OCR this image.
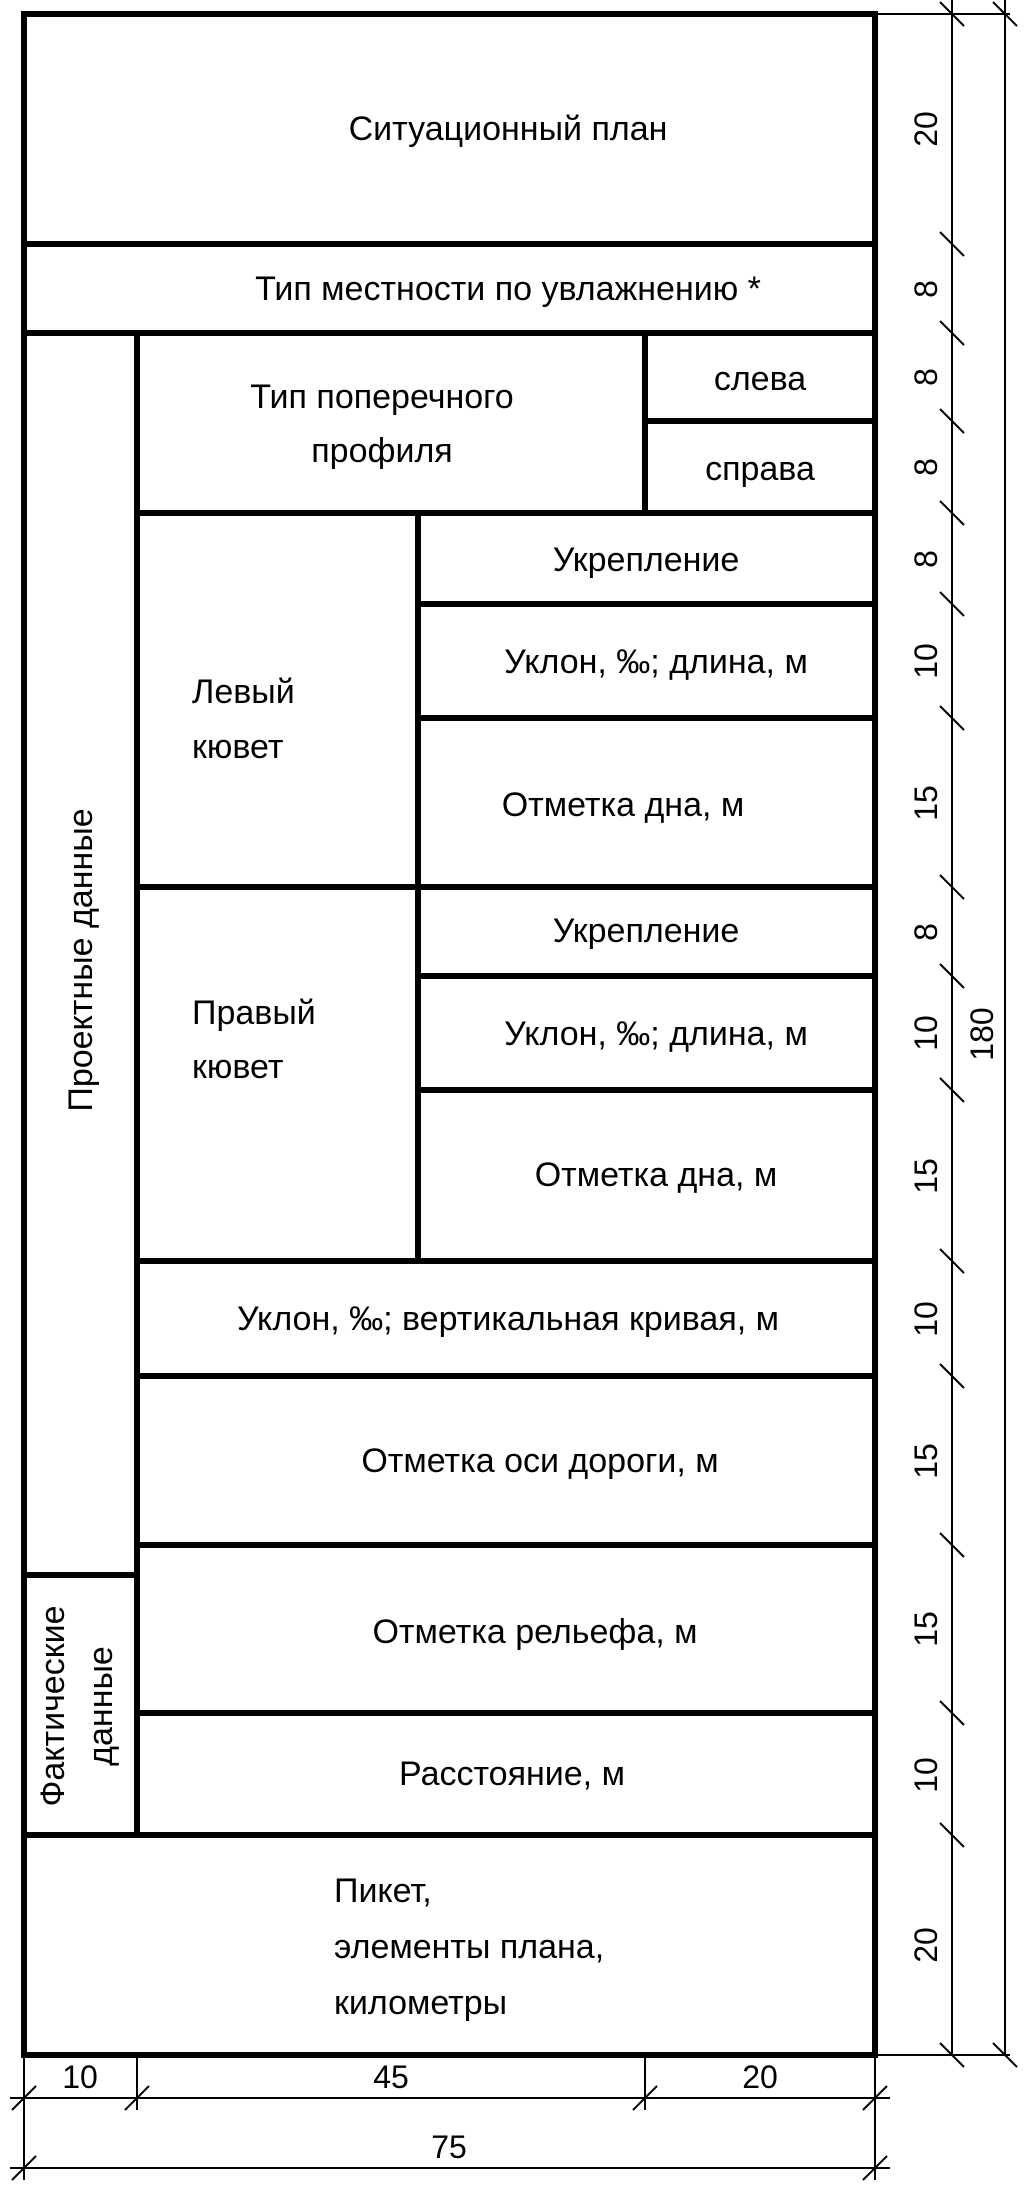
Ситуационный план
Тип местности по увлажнению *
Тип поперечного
профиля
слева
справа
Левый
кювет
Укрепление
Уклон, ‰; длина, м
Отметка дна, м
Правый
кювет
Укрепление
Уклон, ‰; длина, м
Отметка дна, м
Уклон, ‰; вертикальная кривая, м
Отметка оси дороги, м
Отметка рельефа, м
Расстояние, м
Пикет,
элементы плана,
километры
Проектные данные
Фактические данные
20
8
8
8
8
10
15
8
10
15
10
15
15
10
20
180
10	45	20
75
